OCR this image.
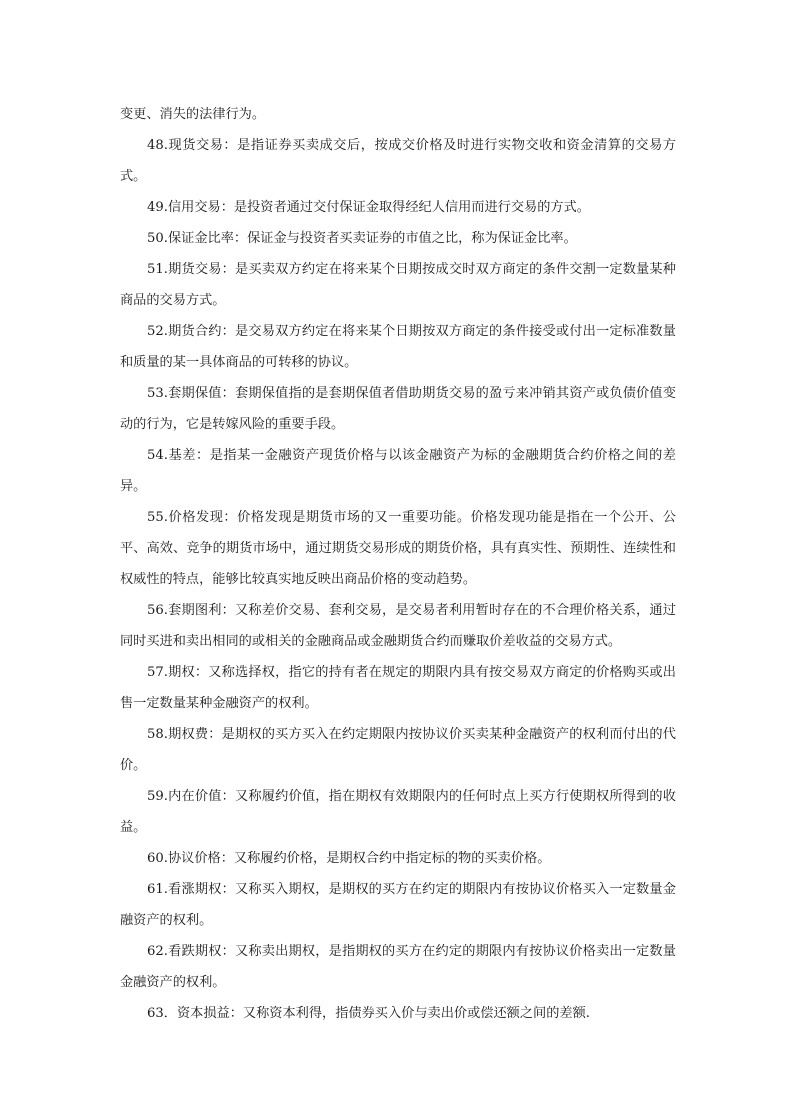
变更、消失的法律行为。

48.现货交易：是指证券买卖成交后，按成交价格及时进行实物交收和资金清算的交易方式。

49.信用交易：是投资者通过交付保证金取得经纪人信用而进行交易的方式。

50.保证金比率：保证金与投资者买卖证券的市值之比，称为保证金比率。

51.期货交易：是买卖双方约定在将来某个日期按成交时双方商定的条件交割一定数量某种商品的交易方式。

52.期货合约：是交易双方约定在将来某个日期按双方商定的条件接受或付出一定标准数量和质量的某一具体商品的可转移的协议。

53.套期保值：套期保值指的是套期保值者借助期货交易的盈亏来冲销其资产或负债价值变动的行为，它是转嫁风险的重要手段。

54.基差：是指某一金融资产现货价格与以该金融资产为标的金融期货合约价格之间的差异。

55.价格发现：价格发现是期货市场的又一重要功能。价格发现功能是指在一个公开、公平、高效、竞争的期货市场中，通过期货交易形成的期货价格，具有真实性、预期性、连续性和权威性的特点，能够比较真实地反映出商品价格的变动趋势。

56.套期图利：又称差价交易、套利交易，是交易者利用暂时存在的不合理价格关系，通过同时买进和卖出相同的或相关的金融商品或金融期货合约而赚取价差收益的交易方式。

57.期权：又称选择权，指它的持有者在规定的期限内具有按交易双方商定的价格购买或出售一定数量某种金融资产的权利。

58.期权费：是期权的买方买入在约定期限内按协议价买卖某种金融资产的权利而付出的代价。

59.内在价值：又称履约价值，指在期权有效期限内的任何时点上买方行使期权所得到的收益。

60.协议价格：又称履约价格，是期权合约中指定标的物的买卖价格。

61.看涨期权：又称买入期权，是期权的买方在约定的期限内有按协议价格买入一定数量金融资产的权利。

62.看跌期权：又称卖出期权，是指期权的买方在约定的期限内有按协议价格卖出一定数量金融资产的权利。

63．资本损益：又称资本利得，指债券买入价与卖出价或偿还额之间的差额.
